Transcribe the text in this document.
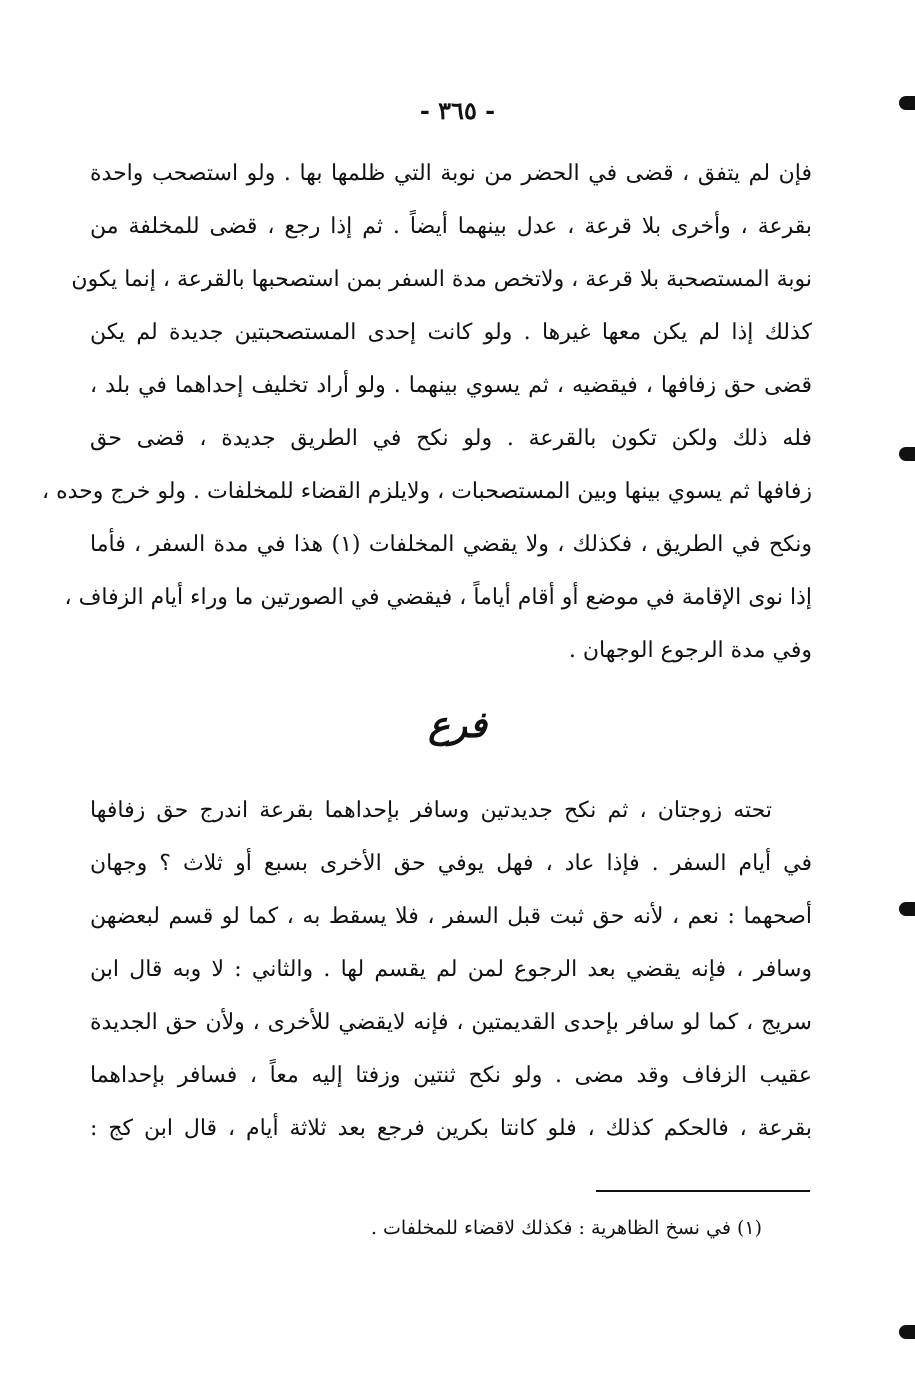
- ٣٦٥ -
فإن لم يتفق ، قضى في الحضر من نوبة التي ظلمها بها . ولو استصحب واحدة
بقرعة ، وأخرى بلا قرعة ، عدل بينهما أيضاً . ثم إذا رجع ، قضى للمخلفة من
نوبة المستصحبة بلا قرعة ، ولاتخص مدة السفر بمن استصحبها بالقرعة ، إنما يكون
كذلك إذا لم يكن معها غيرها . ولو كانت إحدى المستصحبتين جديدة لم يكن
قضى حق زفافها ، فيقضيه ، ثم يسوي بينهما . ولو أراد تخليف إحداهما في بلد ،
فله ذلك ولكن تكون بالقرعة . ولو نكح في الطريق جديدة ، قضى حق
زفافها ثم يسوي بينها وبين المستصحبات ، ولايلزم القضاء للمخلفات . ولو خرج وحده ،
ونكح في الطريق ، فكذلك ، ولا يقضي المخلفات (١) هذا في مدة السفر ، فأما
إذا نوى الإقامة في موضع أو أقام أياماً ، فيقضي في الصورتين ما وراء أيام الزفاف ،
وفي مدة الرجوع الوجهان .
فرع
تحته زوجتان ، ثم نكح جديدتين وسافر بإحداهما بقرعة اندرج حق زفافها
في أيام السفر . فإذا عاد ، فهل يوفي حق الأخرى بسبع أو ثلاث ؟ وجهان
أصحهما : نعم ، لأنه حق ثبت قبل السفر ، فلا يسقط به ، كما لو قسم لبعضهن
وسافر ، فإنه يقضي بعد الرجوع لمن لم يقسم لها . والثاني : لا وبه قال ابن
سريج ، كما لو سافر بإحدى القديمتين ، فإنه لايقضي للأخرى ، ولأن حق الجديدة
عقيب الزفاف وقد مضى . ولو نكح ثنتين وزفتا إليه معاً ، فسافر بإحداهما
بقرعة ، فالحكم كذلك ، فلو كانتا بكرين فرجع بعد ثلاثة أيام ، قال ابن كج :
(١) في نسخ الظاهرية : فكذلك لاقضاء للمخلفات .
